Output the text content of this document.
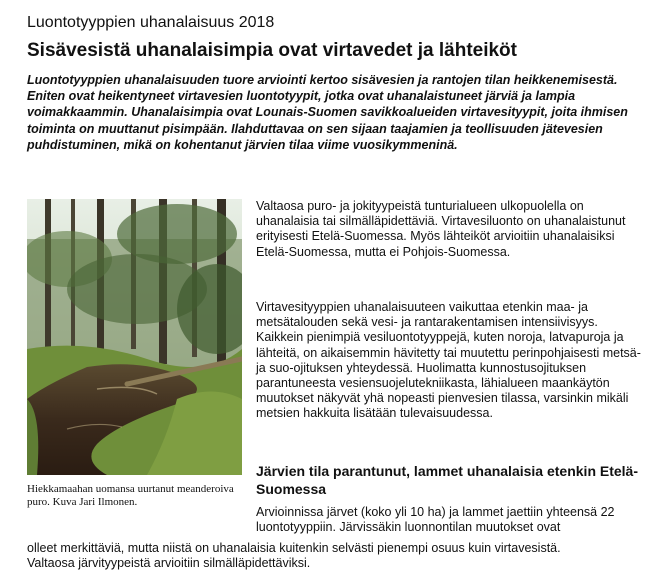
Luontotyyppien uhanalaisuus 2018
Sisävesistä uhanalaisimpia ovat virtavedet ja lähteiköt

Luontotyyppien uhanalaisuuden tuore arviointi kertoo sisävesien ja rantojen tilan heikkenemisestä. Eniten ovat heikentyneet virtavesien luontotyypit, jotka ovat uhanalaistuneet järviä ja lampia voimakkaammin. Uhanalaisimpia ovat Lounais-Suomen savikkoalueiden virtavesityypit, joita ihmisen toiminta on muuttanut pisimpään. Ilahduttavaa on sen sijaan taajamien ja teollisuuden jätevesien puhdistuminen, mikä on kohentanut järvien tilaa viime vuosikymmeninä.

Hiekkamaahan uomansa uurtanut meanderoiva puro. Kuva Jari Ilmonen.

Valtaosa puro- ja jokityypeistä tunturialueen ulkopuolella on uhanalaisia tai silmälläpidettäviä. Virtavesiluonto on uhanalaistunut erityisesti Etelä-Suomessa. Myös lähteiköt arvioitiin uhanalaisiksi Etelä-Suomessa, mutta ei Pohjois-Suomessa.

Virtavesityyppien uhanalaisuuteen vaikuttaa etenkin maa- ja metsätalouden sekä vesi- ja rantarakentamisen intensiivisyys. Kaikkein pienimpiä vesiluontotyyppejä, kuten noroja, latvapuroja ja lähteitä, on aikaisemmin hävitetty tai muutettu perinpohjaisesti metsä- ja suo-ojituksen yhteydessä. Huolimatta kunnostusojituksen parantuneesta vesiensuojelutekniikasta, lähialueen maankäytön muutokset näkyvät yhä nopeasti pienvesien tilassa, varsinkin mikäli metsien hakkuita lisätään tulevaisuudessa.

Järvien tila parantunut, lammet uhanalaisia etenkin Etelä-Suomessa

Arvioinnissa järvet (koko yli 10 ha) ja lammet jaettiin yhteensä 22 luontotyyppiin. Järvissäkin luonnontilan muutokset ovat

olleet merkittäviä, mutta niistä on uhanalaisia kuitenkin selvästi pienempi osuus kuin virtavesistä.

Valtaosa järvityypeistä arvioitiin silmälläpidettäviksi.
